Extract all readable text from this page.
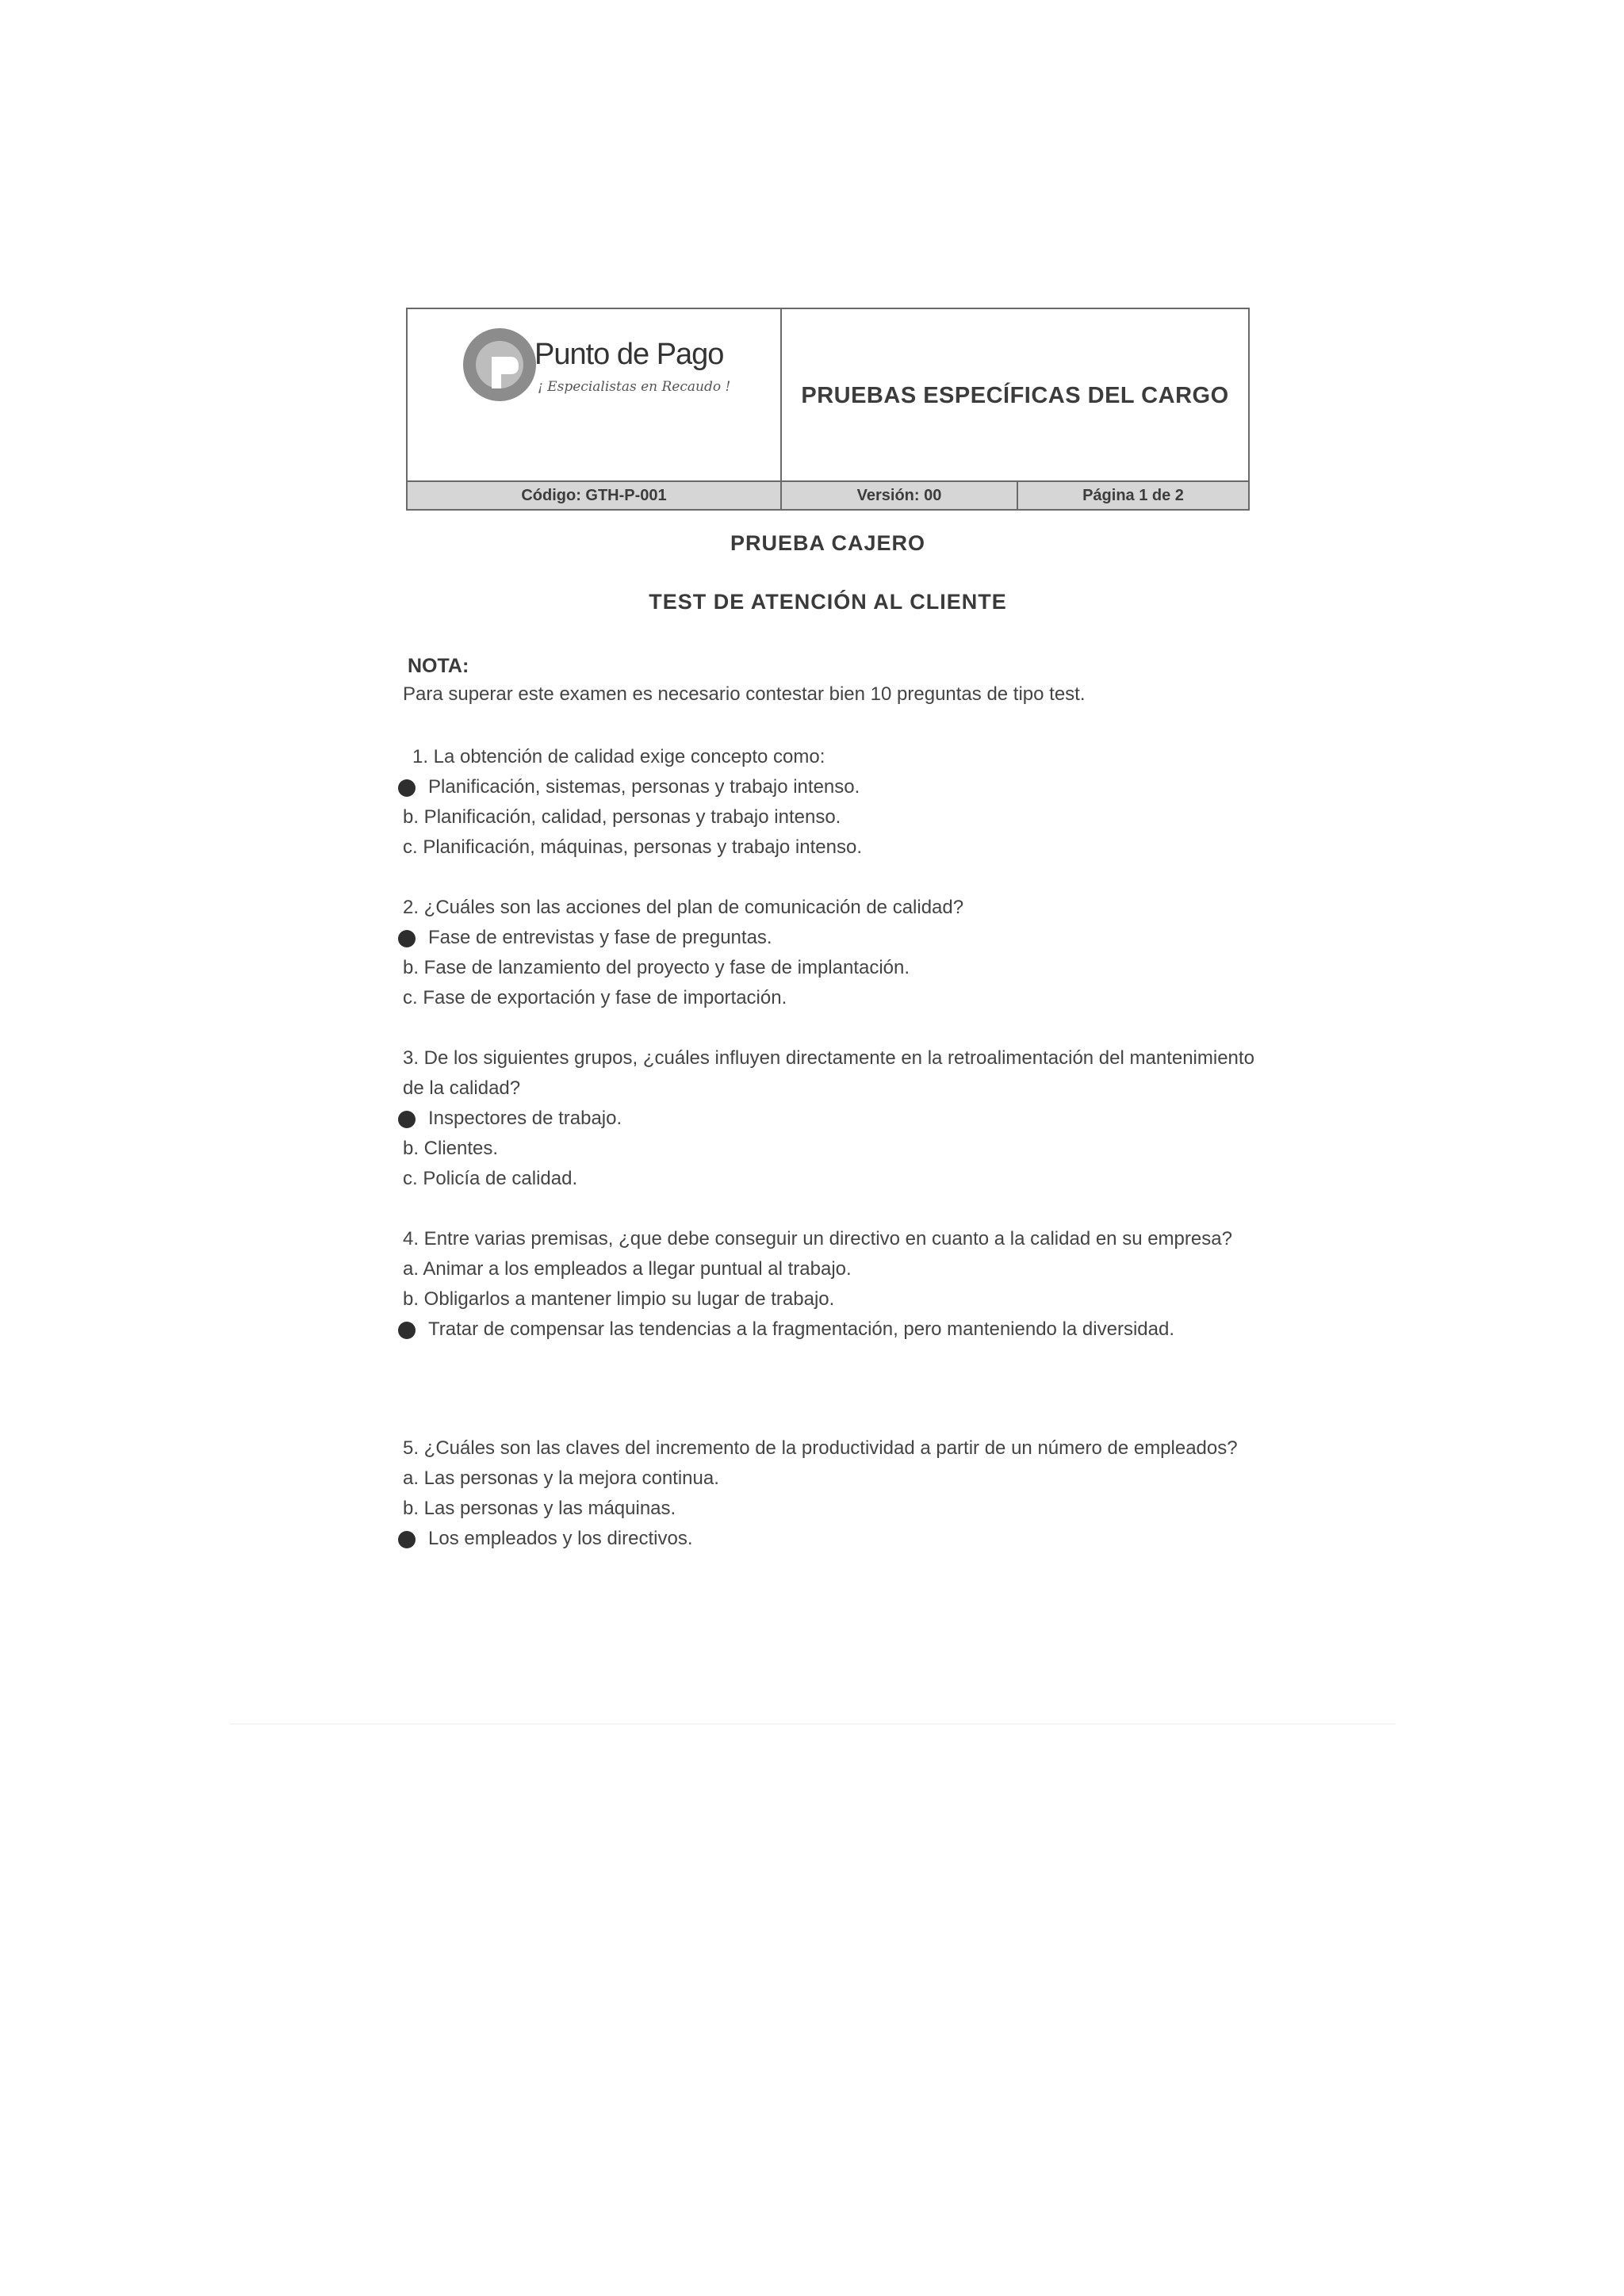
Punto de Pago
¡ Especialistas en Recaudo !	PRUEBAS ESPECÍFICAS DEL CARGO
Código: GTH-P-001	Versión: 00	Página 1 de 2
PRUEBA CAJERO
TEST DE ATENCIÓN AL CLIENTE
NOTA:
Para superar este examen es necesario contestar bien 10 preguntas de tipo test.

1. La obtención de calidad exige concepto como:

Planificación, sistemas, personas y trabajo intenso.

b. Planificación, calidad, personas y trabajo intenso.

c. Planificación, máquinas, personas y trabajo intenso.

2. ¿Cuáles son las acciones del plan de comunicación de calidad?

Fase de entrevistas y fase de preguntas.

b. Fase de lanzamiento del proyecto y fase de implantación.

c. Fase de exportación y fase de importación.

3. De los siguientes grupos, ¿cuáles influyen directamente en la retroalimentación del mantenimiento de la calidad?

Inspectores de trabajo.

b. Clientes.

c. Policía de calidad.

4. Entre varias premisas, ¿que debe conseguir un directivo en cuanto a la calidad en su empresa?

a. Animar a los empleados a llegar puntual al trabajo.

b. Obligarlos a mantener limpio su lugar de trabajo.

Tratar de compensar las tendencias a la fragmentación, pero manteniendo la diversidad.

5. ¿Cuáles son las claves del incremento de la productividad a partir de un número de empleados?

a. Las personas y la mejora continua.

b. Las personas y las máquinas.

Los empleados y los directivos.
